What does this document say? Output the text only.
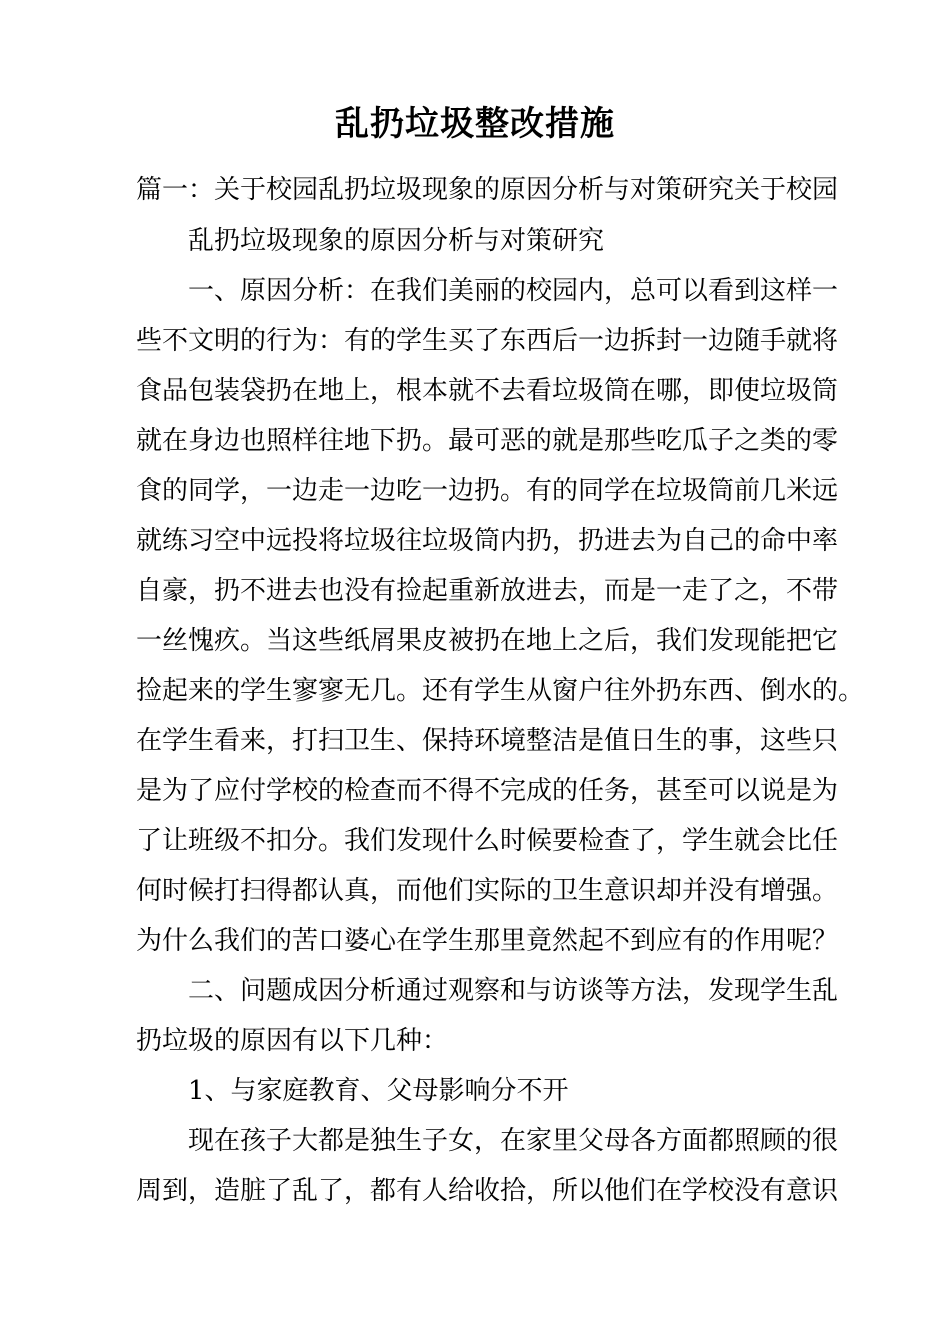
乱扔垃圾整改措施
篇一：关于校园乱扔垃圾现象的原因分析与对策研究关于校园
乱扔垃圾现象的原因分析与对策研究
一、原因分析：在我们美丽的校园内，总可以看到这样一
些不文明的行为：有的学生买了东西后一边拆封一边随手就将
食品包装袋扔在地上，根本就不去看垃圾筒在哪，即使垃圾筒
就在身边也照样往地下扔。最可恶的就是那些吃瓜子之类的零
食的同学，一边走一边吃一边扔。有的同学在垃圾筒前几米远
就练习空中远投将垃圾往垃圾筒内扔，扔进去为自己的命中率
自豪，扔不进去也没有捡起重新放进去，而是一走了之，不带
一丝愧疚。当这些纸屑果皮被扔在地上之后，我们发现能把它
捡起来的学生寥寥无几。还有学生从窗户往外扔东西、倒水的。
在学生看来，打扫卫生、保持环境整洁是值日生的事，这些只
是为了应付学校的检查而不得不完成的任务，甚至可以说是为
了让班级不扣分。我们发现什么时候要检查了，学生就会比任
何时候打扫得都认真，而他们实际的卫生意识却并没有增强。
为什么我们的苦口婆心在学生那里竟然起不到应有的作用呢？
二、问题成因分析通过观察和与访谈等方法，发现学生乱
扔垃圾的原因有以下几种：
1、与家庭教育、父母影响分不开
现在孩子大都是独生子女，在家里父母各方面都照顾的很
周到，造脏了乱了，都有人给收拾，所以他们在学校没有意识
